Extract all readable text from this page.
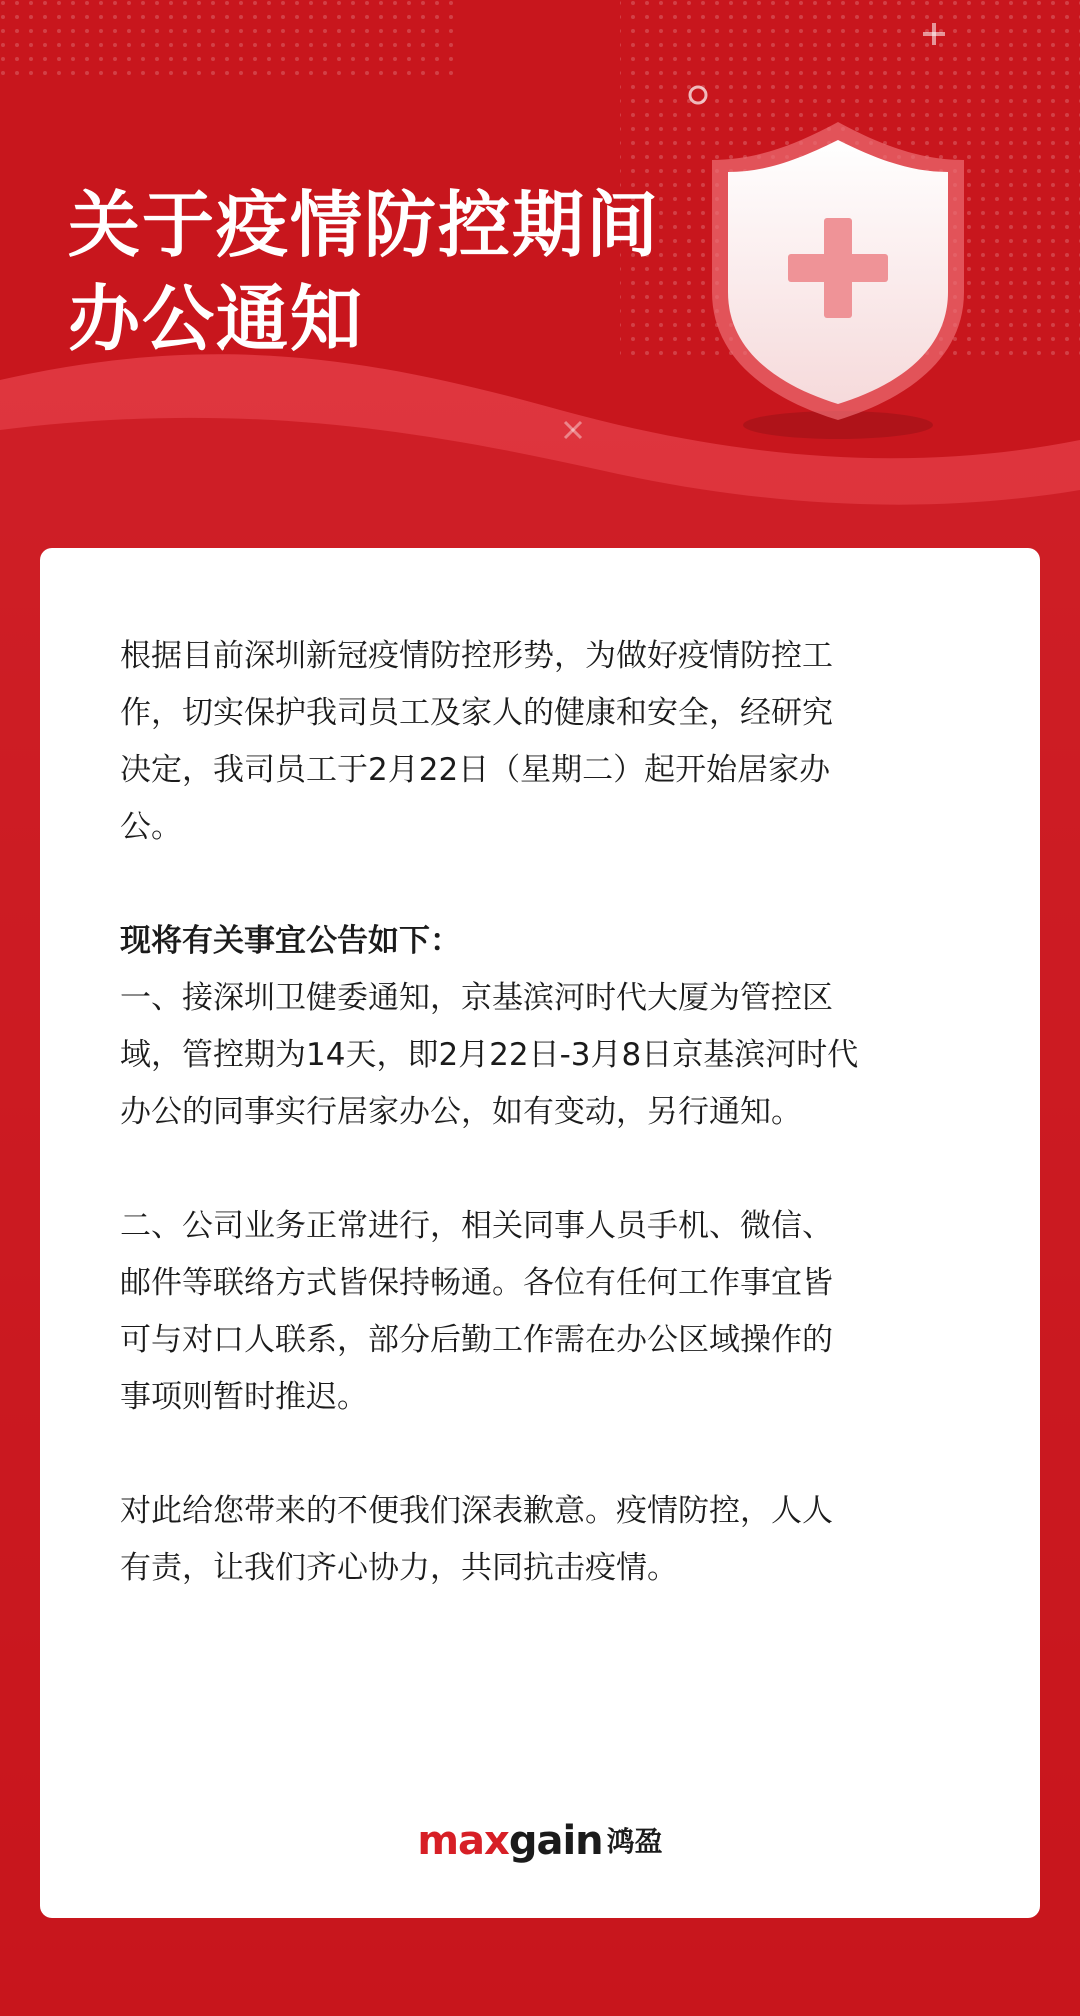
关于疫情防控期间
办公通知
根据目前深圳新冠疫情防控形势，为做好疫情防控工
作，切实保护我司员工及家人的健康和安全，经研究
决定，我司员工于2月22日（星期二）起开始居家办
公。
现将有关事宜公告如下：
一、接深圳卫健委通知，京基滨河时代大厦为管控区
域，管控期为14天，即2月22日-3月8日京基滨河时代
办公的同事实行居家办公，如有变动，另行通知。
二、公司业务正常进行，相关同事人员手机、微信、
邮件等联络方式皆保持畅通。各位有任何工作事宜皆
可与对口人联系，部分后勤工作需在办公区域操作的
事项则暂时推迟。
对此给您带来的不便我们深表歉意。疫情防控，人人
有责，让我们齐心协力，共同抗击疫情。
maxgain 鸿盈
